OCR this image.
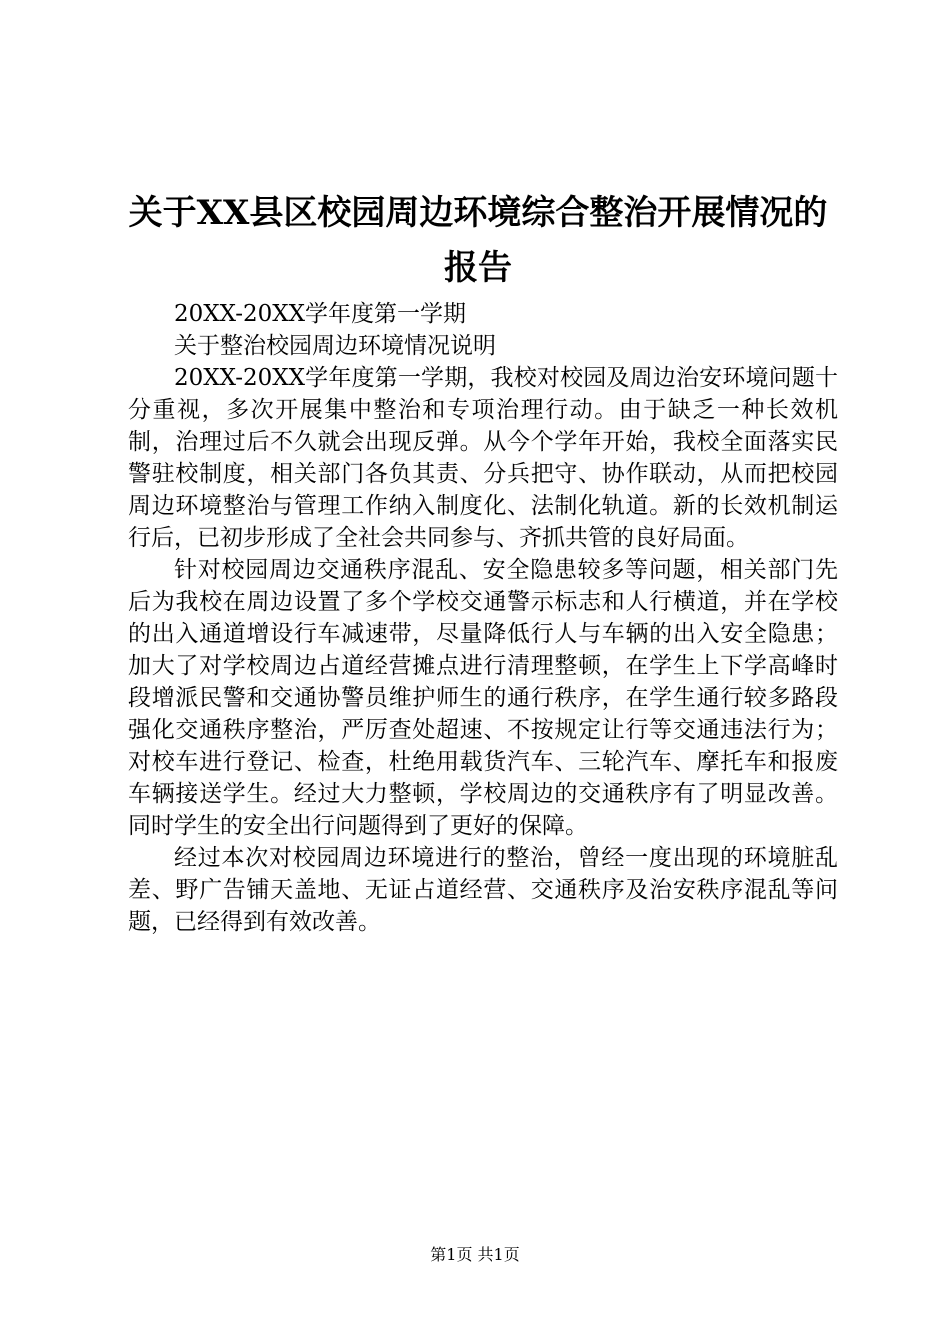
关于XX县区校园周边环境综合整治开展情况的报告

20XX-20XX学年度第一学期

关于整治校园周边环境情况说明

20XX-20XX学年度第一学期，我校对校园及周边治安环境问题十分重视，多次开展集中整治和专项治理行动。由于缺乏一种长效机制，治理过后不久就会出现反弹。从今个学年开始，我校全面落实民警驻校制度，相关部门各负其责、分兵把守、协作联动，从而把校园周边环境整治与管理工作纳入制度化、法制化轨道。新的长效机制运行后，已初步形成了全社会共同参与、齐抓共管的良好局面。

针对校园周边交通秩序混乱、安全隐患较多等问题，相关部门先后为我校在周边设置了多个学校交通警示标志和人行横道，并在学校的出入通道增设行车减速带，尽量降低行人与车辆的出入安全隐患；加大了对学校周边占道经营摊点进行清理整顿，在学生上下学高峰时段增派民警和交通协警员维护师生的通行秩序，在学生通行较多路段强化交通秩序整治，严厉查处超速、不按规定让行等交通违法行为；对校车进行登记、检查，杜绝用载货汽车、三轮汽车、摩托车和报废车辆接送学生。经过大力整顿，学校周边的交通秩序有了明显改善。同时学生的安全出行问题得到了更好的保障。

经过本次对校园周边环境进行的整治，曾经一度出现的环境脏乱差、野广告铺天盖地、无证占道经营、交通秩序及治安秩序混乱等问题，已经得到有效改善。

第1页 共1页
